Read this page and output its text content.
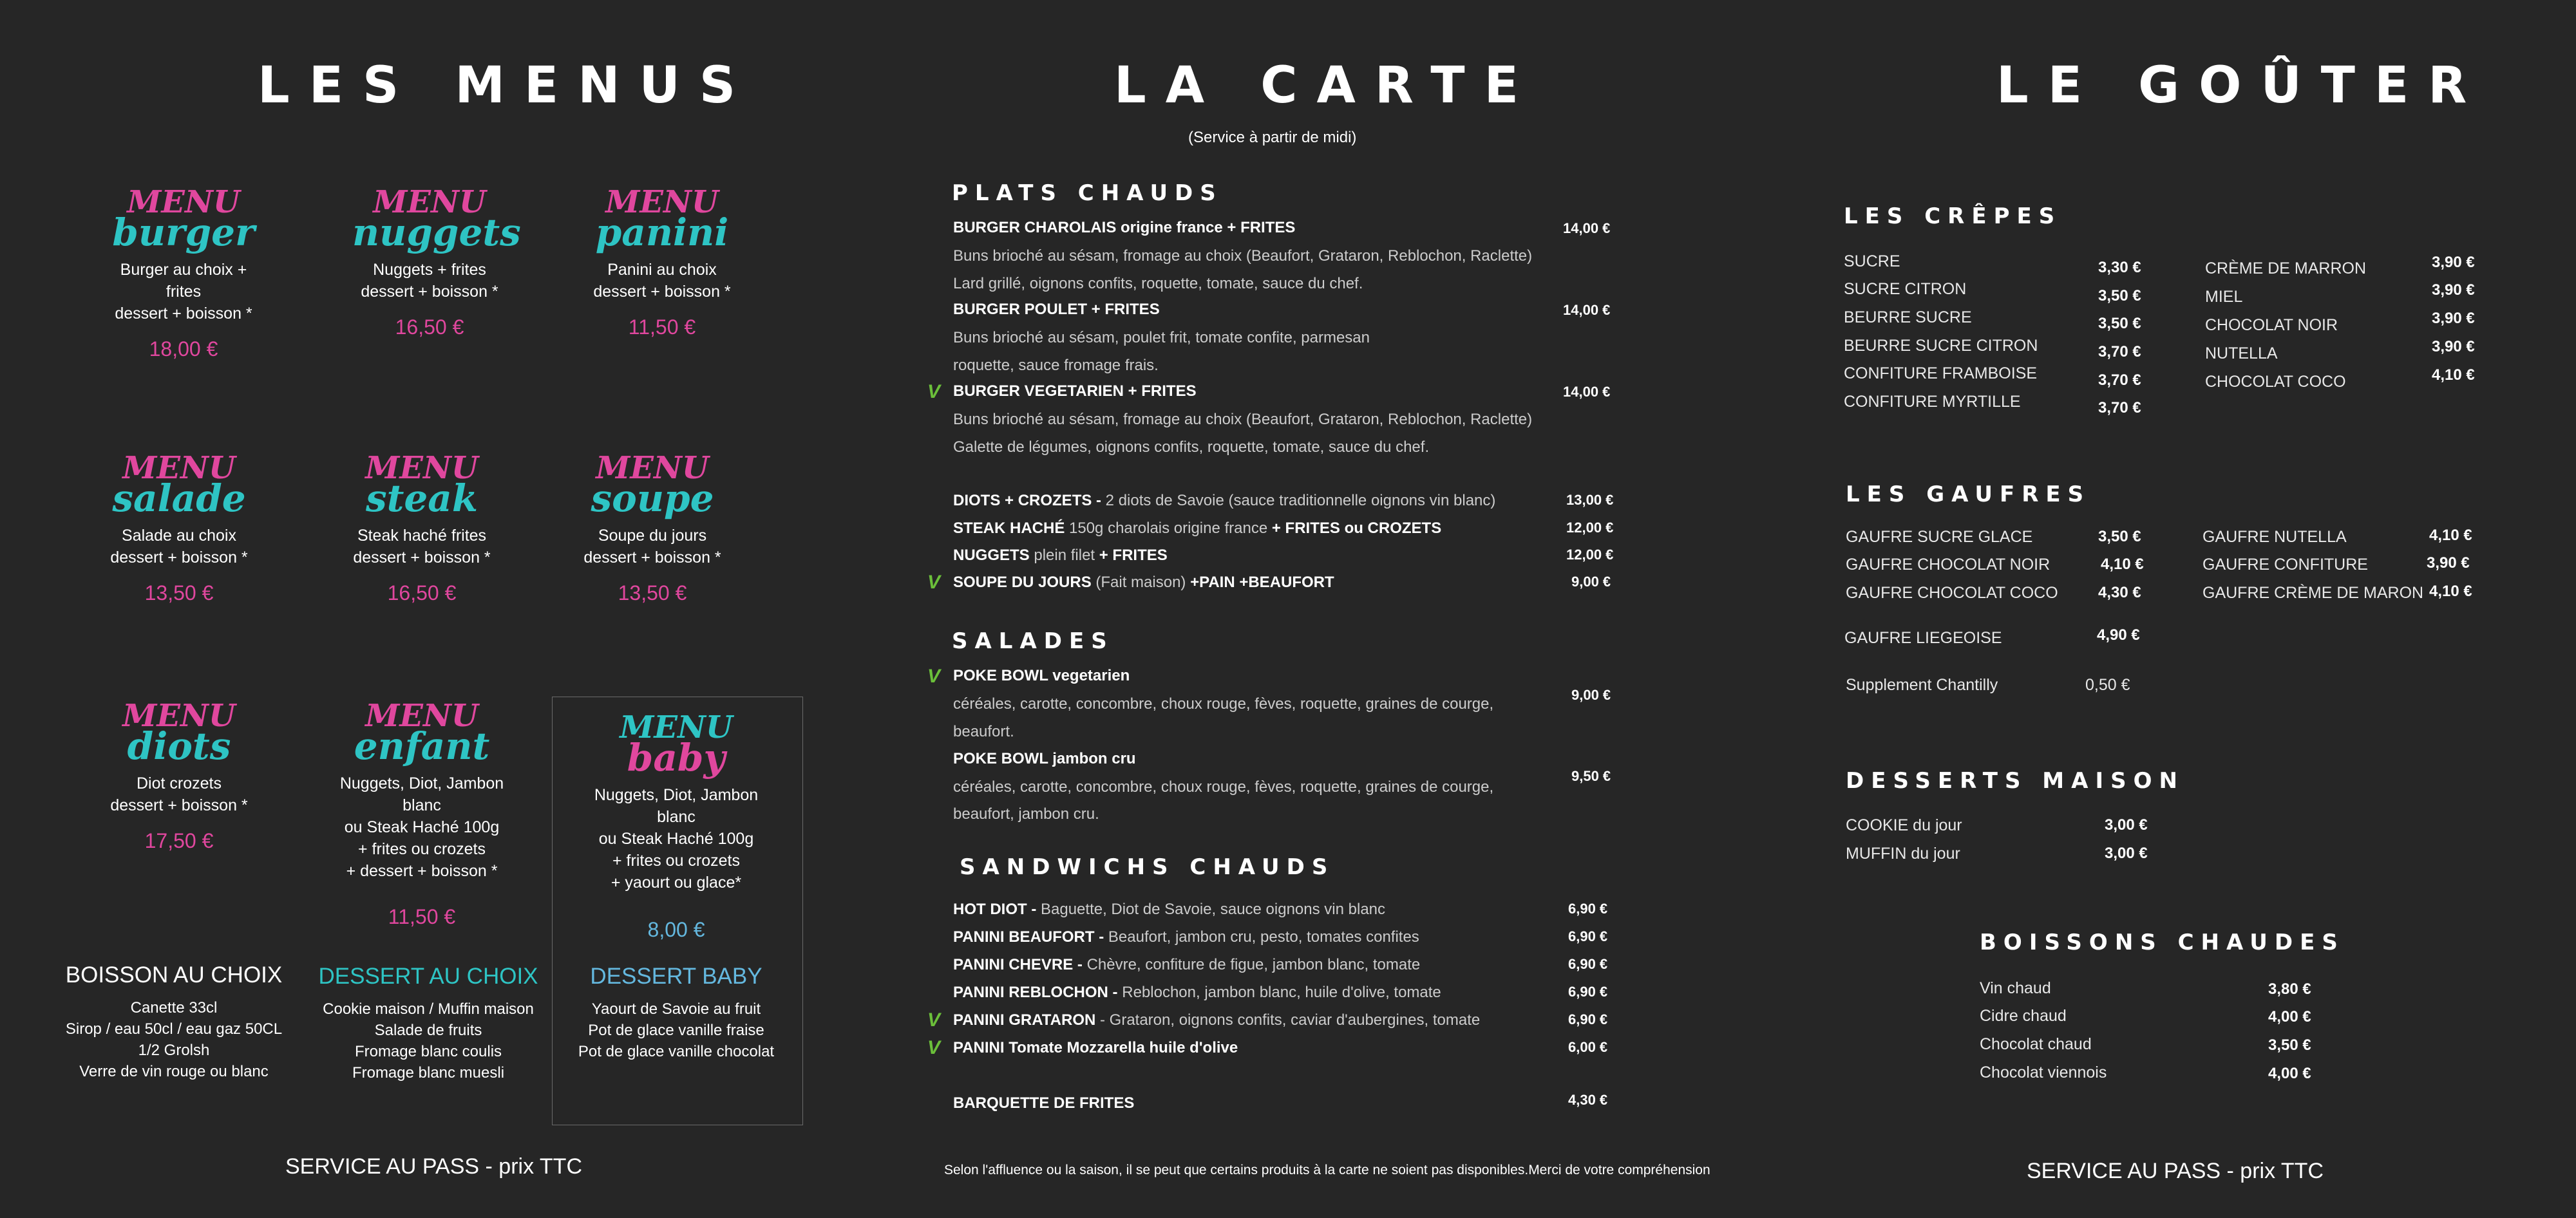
LES MENUS
MENU
burger
Burger au choix + frites
dessert + boisson *
18,00 €
MENU
nuggets
Nuggets + frites
dessert + boisson *
16,50 €
MENU
panini
Panini au choix
dessert + boisson *
11,50 €
MENU
salade
Salade au choix
dessert + boisson *
13,50 €
MENU
steak
Steak haché frites
dessert + boisson *
16,50 €
MENU
soupe
Soupe du jours
dessert + boisson *
13,50 €
MENU
diots
Diot crozets
dessert + boisson *
17,50 €
MENU
enfant
Nuggets, Diot, Jambon blanc
ou Steak Haché 100g
+ frites ou crozets
+ dessert + boisson *
11,50 €
MENU
baby
Nuggets, Diot, Jambon blanc
ou Steak Haché 100g
+ frites ou crozets
+ yaourt ou glace*
8,00 €
BOISSON AU CHOIX
Canette 33cl
Sirop / eau 50cl / eau gaz 50CL
1/2 Grolsh
Verre de vin rouge ou blanc
DESSERT AU CHOIX
Cookie maison / Muffin maison
Salade de fruits
Fromage blanc coulis
Fromage blanc muesli
DESSERT BABY
Yaourt de Savoie au fruit
Pot de glace vanille fraise
Pot de glace vanille chocolat
SERVICE AU PASS - prix TTC
LA CARTE
(Service à partir de midi)
PLATS CHAUDS
BURGER CHAROLAIS origine france + FRITES	14,00 €
Buns brioché au sésam, fromage au choix (Beaufort, Grataron, Reblochon, Raclette)
Lard grillé, oignons confits, roquette, tomate, sauce du chef.
BURGER POULET + FRITES	14,00 €
Buns brioché au sésam, poulet frit, tomate confite, parmesan
roquette, sauce fromage frais.
V BURGER VEGETARIEN + FRITES	14,00 €
Buns brioché au sésam, fromage au choix (Beaufort, Grataron, Reblochon, Raclette)
Galette de légumes, oignons confits, roquette, tomate, sauce du chef.
DIOTS + CROZETS - 2 diots de Savoie (sauce traditionnelle oignons vin blanc)	13,00 €
STEAK HACHÉ 150g charolais origine france + FRITES ou CROZETS	12,00 €
NUGGETS plein filet + FRITES	12,00 €
V SOUPE DU JOURS (Fait maison) +PAIN +BEAUFORT	9,00 €
SALADES
V POKE BOWL vegetarien
9,00 €
céréales, carotte, concombre, choux rouge, fèves, roquette, graines de courge,
beaufort.
POKE BOWL jambon cru
9,50 €
céréales, carotte, concombre, choux rouge, fèves, roquette, graines de courge,
beaufort, jambon cru.
SANDWICHS CHAUDS
HOT DIOT - Baguette, Diot de Savoie, sauce oignons vin blanc	6,90 €
PANINI BEAUFORT - Beaufort, jambon cru, pesto, tomates confites	6,90 €
PANINI CHEVRE - Chèvre, confiture de figue, jambon blanc, tomate	6,90 €
PANINI REBLOCHON - Reblochon, jambon blanc, huile d'olive, tomate	6,90 €
V PANINI GRATARON - Grataron, oignons confits, caviar d'aubergines, tomate	6,90 €
V PANINI Tomate Mozzarella huile d'olive	6,00 €
BARQUETTE DE FRITES	4,30 €
Selon l'affluence ou la saison, il se peut que certains produits à la carte ne soient pas disponibles.Merci de votre compréhension
LE GOÛTER
LES CRÊPES
SUCRE	3,30 €
SUCRE CITRON	3,50 €
BEURRE SUCRE	3,50 €
BEURRE SUCRE CITRON	3,70 €
CONFITURE FRAMBOISE	3,70 €
CONFITURE MYRTILLE	3,70 €
CRÈME DE MARRON	3,90 €
MIEL	3,90 €
CHOCOLAT NOIR	3,90 €
NUTELLA	3,90 €
CHOCOLAT COCO	4,10 €
LES GAUFRES
GAUFRE SUCRE GLACE	3,50 €
GAUFRE CHOCOLAT NOIR	4,10 €
GAUFRE CHOCOLAT COCO	4,30 €
GAUFRE NUTELLA	4,10 €
GAUFRE CONFITURE	3,90 €
GAUFRE CRÈME DE MARON 4,10 €
GAUFRE LIEGEOISE	4,90 €
Supplement Chantilly	0,50 €
DESSERTS MAISON
COOKIE du jour	3,00 €
MUFFIN du jour	3,00 €
BOISSONS CHAUDES
Vin chaud	3,80 €
Cidre chaud	4,00 €
Chocolat chaud	3,50 €
Chocolat viennois	4,00 €
SERVICE AU PASS - prix TTC
